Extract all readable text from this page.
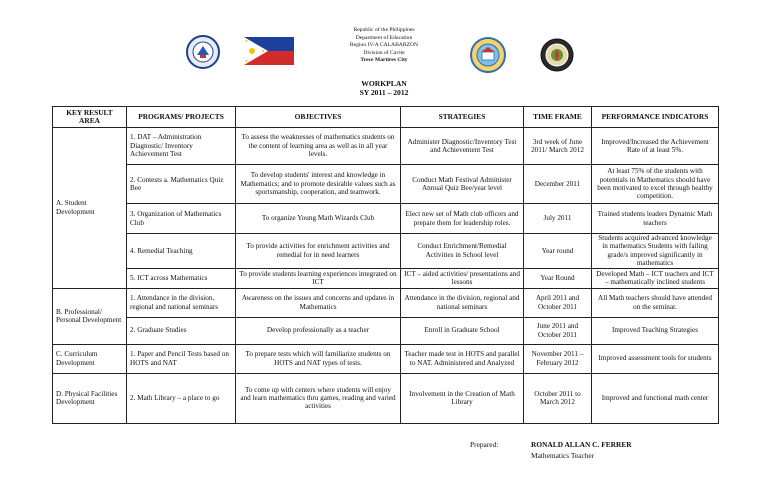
Republic of the Philippines
Department of Education
Region IV-A CALABARZON
Division of Cavite
Trece Martires City
WORKPLAN
SY 2011 – 2012
KEY RESULT AREA	PROGRAMS/ PROJECTS	OBJECTIVES	STRATEGIES	TIME FRAME	PERFORMANCE INDICATORS
A. Student Development	1. DAT – Administration Diagnostic/ Inventory Achievement Test	To assess the weaknesses of mathematics students on the content of learning area as well as in all year levels.	Administer Diagnostic/Inventory Test and Achievement Test	3rd week of June 2011/ March 2012	Improved/Increased the Achievement Rate of at least 5%.
	2. Contests a. Mathematics Quiz Bee	To develop students' interest and knowledge in Mathematics; and to promote desirable values such as sportsmanship, cooperation, and teamwork.	Conduct Math Festival Administer Annual Quiz Bee/year level	December 2011	At least 75% of the students with potentials in Mathematics should have been motivated to excel through healthy competition.
	3. Organization of Mathematics Club	To organize Young Math Wizards Club	Elect new set of Math club officers and prepare them for leadership roles.	July 2011	Trained students leaders Dynamic Math teachers
	4. Remedial Teaching	To provide activities for enrichment activities and remedial for in need learners	Conduct Enrichment/Remedial Activities in School level	Year round	Students acquired advanced knowledge in mathematics Students with failing grade/s improved significantly in mathematics
	5. ICT across Mathematics	To provide students learning experiences integrated on ICT	ICT – aided activities/ presentations and lessons	Year Round	Developed Math – ICT teachers and ICT – mathematically inclined students
B. Professional/ Personal Development	1. Attendance in the division, regional and national seminars	Awareness on the issues and concerns and updates in Mathematics	Attendance in the division, regional and national seminars	April 2011 and October 2011	All Math teachers should have attended on the seminar.
	2. Graduate Studies	Develop professionally as a teacher	Enroll in Graduate School	June 2011 and October 2011	Improved Teaching Strategies
C. Curriculum Development	1. Paper and Pencil Tests based on HOTS and NAT	To prepare tests which will familiarize students on HOTS and NAT types of tests.	Teacher made test in HOTS and parallel to NAT. Administered and Analyzed	November 2011 – February 2012	Improved assessment tools for students
D. Physical Facilities Development	2. Math Library – a place to go	To come up with centers where students will enjoy and learn mathematics thru games, reading and varied activities	Involvement in the Creation of Math Library	October 2011 to March 2012	Improved and functional math center
Prepared:	RONALD ALLAN C. FERRER
Mathematics Teacher
